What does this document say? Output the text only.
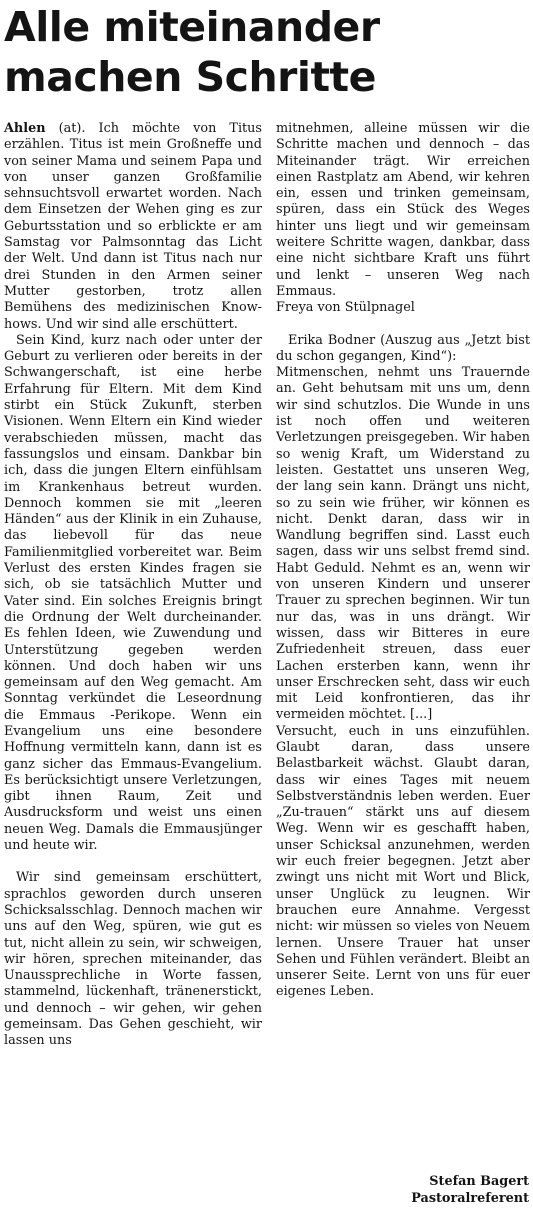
Alle miteinander machen Schritte

Ahlen (at). Ich möchte von Titus erzählen. Titus ist mein Großneffe und von seiner Mama und seinem Papa und von unser ganzen Großfamilie sehnsuchtsvoll erwartet worden. Nach dem Einsetzen der Wehen ging es zur Geburtsstation und so erblickte er am Samstag vor Palmsonntag das Licht der Welt. Und dann ist Titus nach nur drei Stunden in den Armen seiner Mutter gestorben, trotz allen Bemühens des medizinischen Know-hows. Und wir sind alle erschüttert.

Sein Kind, kurz nach oder unter der Geburt zu verlieren oder bereits in der Schwangerschaft, ist eine herbe Erfahrung für Eltern. Mit dem Kind stirbt ein Stück Zukunft, sterben Visionen. Wenn Eltern ein Kind wieder verabschieden müssen, macht das fassungslos und einsam. Dankbar bin ich, dass die jungen Eltern einfühlsam im Krankenhaus betreut wurden. Dennoch kommen sie mit „leeren Händen“ aus der Klinik in ein Zuhause, das liebevoll für das neue Familienmitglied vorbereitet war. Beim Verlust des ersten Kindes fragen sie sich, ob sie tatsächlich Mutter und Vater sind. Ein solches Ereignis bringt die Ordnung der Welt durcheinander. Es fehlen Ideen, wie Zuwendung und Unterstützung gegeben werden können. Und doch haben wir uns gemeinsam auf den Weg gemacht. Am Sonntag verkündet die Leseordnung die Emmaus -Perikope. Wenn ein Evangelium uns eine besondere Hoffnung vermitteln kann, dann ist es ganz sicher das Emmaus-Evangelium. Es berücksichtigt unsere Verletzungen, gibt ihnen Raum, Zeit und Ausdrucksform und weist uns einen neuen Weg. Damals die Emmausjünger und heute wir.

Wir sind gemeinsam erschüttert, sprachlos geworden durch unseren Schicksalsschlag. Dennoch machen wir uns auf den Weg, spüren, wie gut es tut, nicht allein zu sein, wir schweigen, wir hören, sprechen miteinander, das Unaussprechliche in Worte fassen, stammelnd, lückenhaft, tränenerstickt, und dennoch – wir gehen, wir gehen gemeinsam. Das Gehen geschieht, wir lassen uns

mitnehmen, alleine müssen wir die Schritte machen und dennoch – das Miteinander trägt. Wir erreichen einen Rastplatz am Abend, wir kehren ein, essen und trinken gemeinsam, spüren, dass ein Stück des Weges hinter uns liegt und wir gemeinsam weitere Schritte wagen, dankbar, dass eine nicht sichtbare Kraft uns führt und lenkt – unseren Weg nach Emmaus.

Freya von Stülpnagel

Erika Bodner (Auszug aus „Jetzt bist du schon gegangen, Kind“):

Mitmenschen, nehmt uns Trauernde an. Geht behutsam mit uns um, denn wir sind schutzlos. Die Wunde in uns ist noch offen und weiteren Verletzungen preisgegeben. Wir haben so wenig Kraft, um Widerstand zu leisten. Gestattet uns unseren Weg, der lang sein kann. Drängt uns nicht, so zu sein wie früher, wir können es nicht. Denkt daran, dass wir in Wandlung begriffen sind. Lasst euch sagen, dass wir uns selbst fremd sind. Habt Geduld. Nehmt es an, wenn wir von unseren Kindern und unserer Trauer zu sprechen beginnen. Wir tun nur das, was in uns drängt. Wir wissen, dass wir Bitteres in eure Zufriedenheit streuen, dass euer Lachen ersterben kann, wenn ihr unser Erschrecken seht, dass wir euch mit Leid konfrontieren, das ihr vermeiden möchtet. [...]

Versucht, euch in uns einzufühlen. Glaubt daran, dass unsere Belastbarkeit wächst. Glaubt daran, dass wir eines Tages mit neuem Selbstverständnis leben werden. Euer „Zu-trauen“ stärkt uns auf diesem Weg. Wenn wir es geschafft haben, unser Schicksal anzunehmen, werden wir euch freier begegnen. Jetzt aber zwingt uns nicht mit Wort und Blick, unser Unglück zu leugnen. Wir brauchen eure Annahme. Vergesst nicht: wir müssen so vieles von Neuem lernen. Unsere Trauer hat unser Sehen und Fühlen verändert. Bleibt an unserer Seite. Lernt von uns für euer eigenes Leben.

Stefan Bagert
Pastoralreferent
